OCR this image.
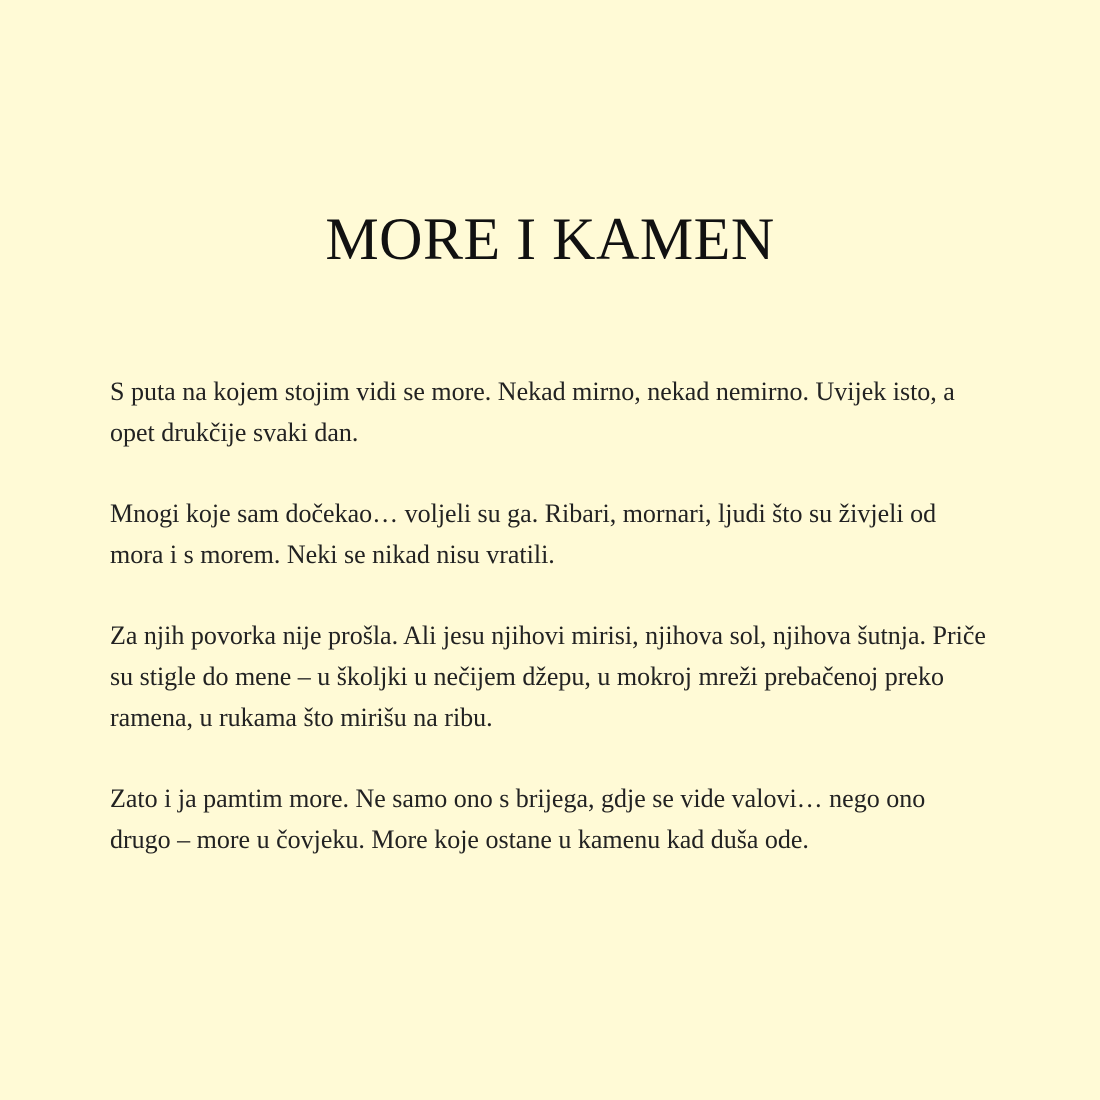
MORE I KAMEN

S puta na kojem stojim vidi se more. Nekad mirno, nekad nemirno. Uvijek isto, a opet drukčije svaki dan.

Mnogi koje sam dočekao… voljeli su ga. Ribari, mornari, ljudi što su živjeli od mora i s morem. Neki se nikad nisu vratili.

Za njih povorka nije prošla. Ali jesu njihovi mirisi, njihova sol, njihova šutnja. Priče su stigle do mene – u školjki u nečijem džepu, u mokroj mreži prebačenoj preko ramena, u rukama što mirišu na ribu.

Zato i ja pamtim more. Ne samo ono s brijega, gdje se vide valovi… nego ono drugo – more u čovjeku. More koje ostane u kamenu kad duša ode.
